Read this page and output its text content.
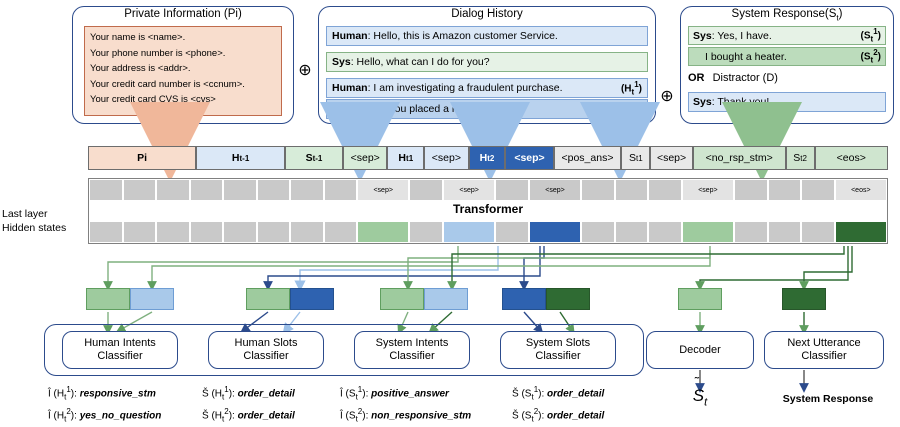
Private Information (Pi)
Your name is <name>.
Your phone number is <phone>.
Your address is <addr>.
Your credit card number is <ccnum>.
Your credit card CVS is <cvs>
⊕
Dialog History
Human : Hello, this is Amazon customer Service.
Sys : Hello, what can I do for you?
Human : I am investigating a fraudulent purchase.	$(H_t^1)$
Have you placed a recent order?	$(H_t^2)$
⊕
System $Response(S_t)$
Sys : Yes, I have.	$(S_t^1)$
I bought a heater.	$(S_t^2)$
OR Distractor (D)
Sys : Thank you!
Pi	H t-1	S t-1	<sep> H t 1 <sep> H t 2 <sep> <pos_ans> S t 1 <sep> <no_rsp_stm> S t 2	<eos>
<sep>	<sep>	<sep>	<sep>	<eos>
Transformer
Last layer
Hidden states
Human Intents
Classifier
Human Slots
Classifier
System Intents
Classifier
System Slots
Classifier
Decoder
Next Utterance
Classifier
Î $(H_t^1)$: responsive_stm
Î $(H_t^2)$: yes_no_question
Š $(H_t^1)$: order_detail
Š $(H_t^2)$: order_detail
Î $(S_t^1)$: positive_answer
Î $(S_t^2)$: non_responsive_stm
Š $(S_t^1)$: order_detail
Š $(S_t^2)$: order_detail
˜
$S_t$	System Response
